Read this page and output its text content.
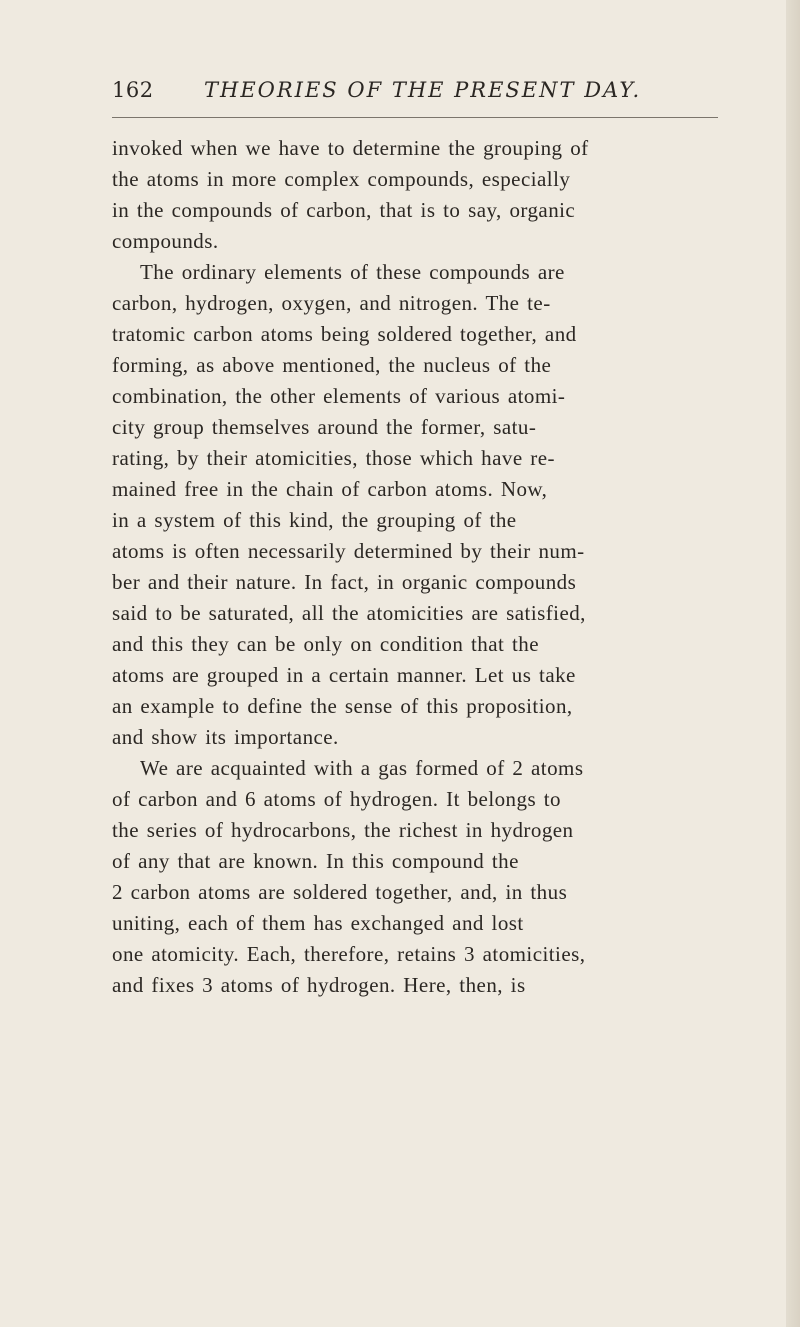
162 THEORIES OF THE PRESENT DAY.
invoked when we have to determine the grouping of
the atoms in more complex compounds, especially
in the compounds of carbon, that is to say, organic
compounds.
The ordinary elements of these compounds are
carbon, hydrogen, oxygen, and nitrogen. The te-
tratomic carbon atoms being soldered together, and
forming, as above mentioned, the nucleus of the
combination, the other elements of various atomi-
city group themselves around the former, satu-
rating, by their atomicities, those which have re-
mained free in the chain of carbon atoms. Now,
in a system of this kind, the grouping of the
atoms is often necessarily determined by their num-
ber and their nature. In fact, in organic compounds
said to be saturated, all the atomicities are satisfied,
and this they can be only on condition that the
atoms are grouped in a certain manner. Let us take
an example to define the sense of this proposition,
and show its importance.
We are acquainted with a gas formed of 2 atoms
of carbon and 6 atoms of hydrogen. It belongs to
the series of hydrocarbons, the richest in hydrogen
of any that are known. In this compound the
2 carbon atoms are soldered together, and, in thus
uniting, each of them has exchanged and lost
one atomicity. Each, therefore, retains 3 atomicities,
and fixes 3 atoms of hydrogen. Here, then, is
